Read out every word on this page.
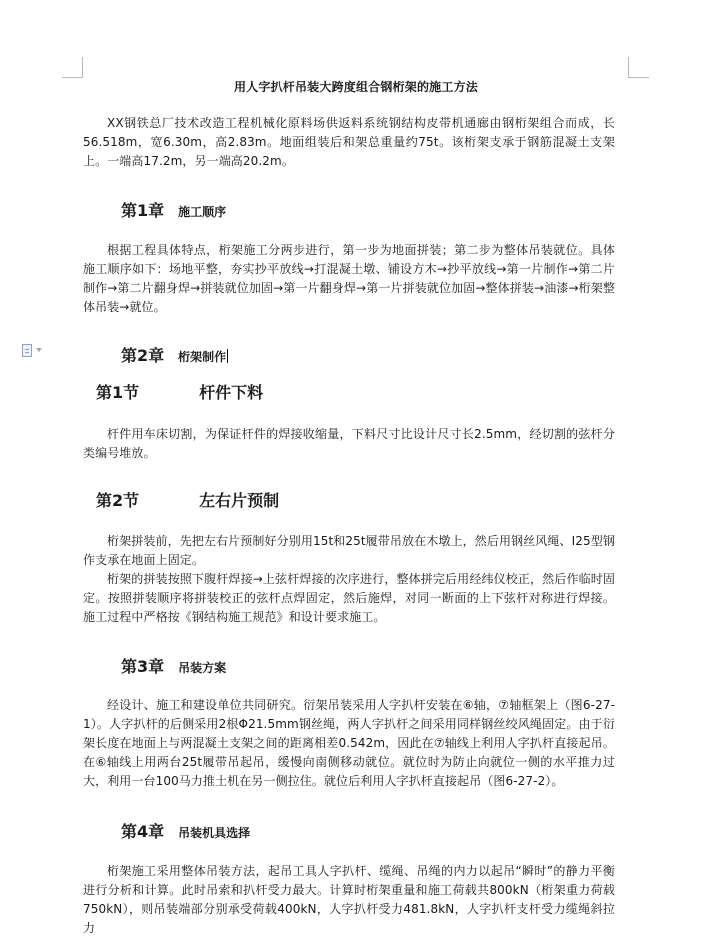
用人字扒杆吊装大跨度组合钢桁架的施工方法

XX钢铁总厂技术改造工程机械化原料场供返料系统钢结构皮带机通廊由钢桁架组合而成，长56.518m，宽6.30m，高2.83m。地面组装后和架总重量约75t。该桁架支承于钢筋混凝土支架上。一端高17.2m，另一端高20.2m。

第1章 施工顺序

根据工程具体特点，桁架施工分两步进行，第一步为地面拼装；第二步为整体吊装就位。具体施工顺序如下：场地平整，夯实抄平放线→打混凝土墩、铺设方木→抄平放线→第一片制作→第二片制作→第二片翻身焊→拼装就位加固→第一片翻身焊→第一片拼装就位加固→整体拼装→油漆→桁架整体吊装→就位。

第2章 桁架制作
第1节	杆件下料

杆件用车床切割，为保证杆件的焊接收缩量，下料尺寸比设计尺寸长2.5mm，经切割的弦杆分类编号堆放。

第2节	左右片预制

桁架拼装前，先把左右片预制好分别用15t和25t履带吊放在木墩上，然后用钢丝风绳、I25型钢作支承在地面上固定。

桁架的拼装按照下腹杆焊接→上弦杆焊接的次序进行，整体拼完后用经纬仪校正，然后作临时固定。按照拼装顺序将拼装校正的弦杆点焊固定，然后施焊，对同一断面的上下弦杆对称进行焊接。施工过程中严格按《钢结构施工规范》和设计要求施工。

第3章 吊装方案

经设计、施工和建设单位共同研究。衍架吊装采用人字扒杆安装在⑥轴，⑦轴框架上（图6-27-1）。人字扒杆的后侧采用2根Φ21.5mm钢丝绳，两人字扒杆之间采用同样钢丝绞风绳固定。由于衍架长度在地面上与两混凝土支架之间的距离相差0.542m，因此在⑦轴线上利用人字扒杆直接起吊。在⑥轴线上用两台25t履带吊起吊，缓慢向南侧移动就位。就位时为防止向就位一侧的水平推力过大，利用一台100马力推土机在另一侧拉住。就位后利用人字扒杆直接起吊（图6-27-2）。

第4章 吊装机具选择

桁架施工采用整体吊装方法，起吊工具人字扒杆、缆绳、吊绳的内力以起吊“瞬时”的静力平衡进行分析和计算。此时吊索和扒杆受力最大。计算时桁架重量和施工荷载共800kN（桁架重力荷载750kN），则吊装端部分别承受荷载400kN，人字扒杆受力481.8kN，人字扒杆支杆受力缆绳斜拉力
